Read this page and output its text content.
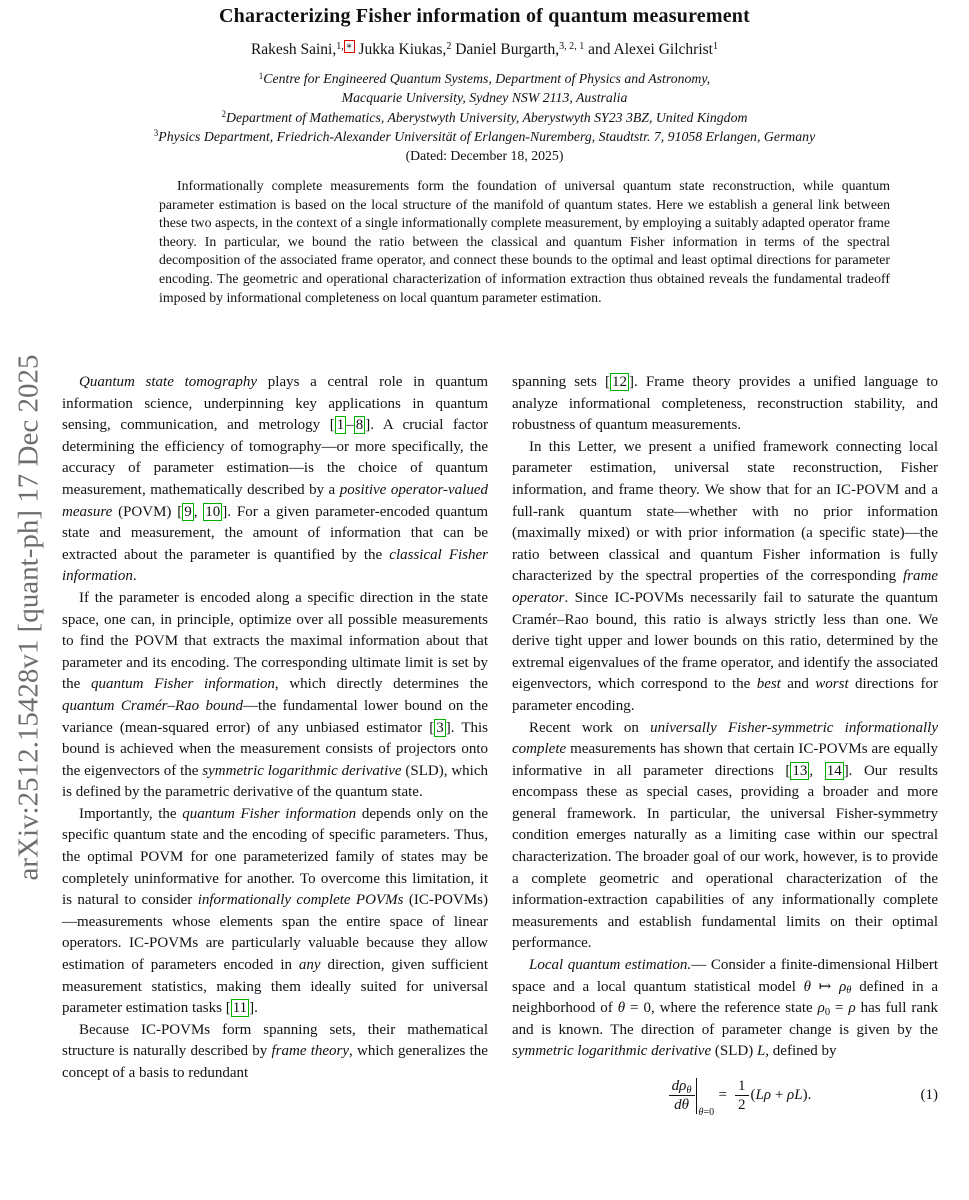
arXiv:2512.15428v1 [quant-ph] 17 Dec 2025
Characterizing Fisher information of quantum measurement
Rakesh Saini,$^{1,}$ ∗ Jukka Kiukas,$^2$ Daniel Burgarth,$^{3, 2, 1}$ and Alexei Gilchrist$^1$

$^1$Centre for Engineered Quantum Systems, Department of Physics and Astronomy,

Macquarie University, Sydney NSW 2113, Australia

$^2$Department of Mathematics, Aberystwyth University, Aberystwyth SY23 3BZ, United Kingdom

$^3$Physics Department, Friedrich-Alexander Universität of Erlangen-Nuremberg, Staudtstr. 7, 91058 Erlangen, Germany

(Dated: December 18, 2025)

Informationally complete measurements form the foundation of universal quantum state reconstruction, while quantum parameter estimation is based on the local structure of the manifold of quantum states. Here we establish a general link between these two aspects, in the context of a single informationally complete measurement, by employing a suitably adapted operator frame theory. In particular, we bound the ratio between the classical and quantum Fisher information in terms of the spectral decomposition of the associated frame operator, and connect these bounds to the optimal and least optimal directions for parameter encoding. The geometric and operational characterization of information extraction thus obtained reveals the fundamental tradeoff imposed by informational completeness on local quantum parameter estimation.

Quantum state tomography plays a central role in quantum information science, underpinning key applications in quantum sensing, communication, and metrology [ 1 – 8 ]. A crucial factor determining the efficiency of tomography—or more specifically, the accuracy of parameter estimation—is the choice of quantum measurement, mathematically described by a positive operator-valued measure (POVM) [ 9 , 10 ]. For a given parameter-encoded quantum state and measurement, the amount of information that can be extracted about the parameter is quantified by the classical Fisher information.

If the parameter is encoded along a specific direction in the state space, one can, in principle, optimize over all possible measurements to find the POVM that extracts the maximal information about that parameter and its encoding. The corresponding ultimate limit is set by the quantum Fisher information, which directly determines the quantum Cramér–Rao bound—the fundamental lower bound on the variance (mean-squared error) of any unbiased estimator [ 3 ]. This bound is achieved when the measurement consists of projectors onto the eigenvectors of the symmetric logarithmic derivative (SLD), which is defined by the parametric derivative of the quantum state.

Importantly, the quantum Fisher information depends only on the specific quantum state and the encoding of specific parameters. Thus, the optimal POVM for one parameterized family of states may be completely uninformative for another. To overcome this limitation, it is natural to consider informationally complete POVMs (IC-POVMs)—measurements whose elements span the entire space of linear operators. IC-POVMs are particularly valuable because they allow estimation of parameters encoded in any direction, given sufficient measurement statistics, making them ideally suited for universal parameter estimation tasks [ 11 ].

Because IC-POVMs form spanning sets, their mathematical structure is naturally described by frame theory, which generalizes the concept of a basis to redundant

spanning sets [ 12 ]. Frame theory provides a unified language to analyze informational completeness, reconstruction stability, and robustness of quantum measurements.

In this Letter, we present a unified framework connecting local parameter estimation, universal state reconstruction, Fisher information, and frame theory. We show that for an IC-POVM and a full-rank quantum state—whether with no prior information (maximally mixed) or with prior information (a specific state)—the ratio between classical and quantum Fisher information is fully characterized by the spectral properties of the corresponding frame operator. Since IC-POVMs necessarily fail to saturate the quantum Cramér–Rao bound, this ratio is always strictly less than one. We derive tight upper and lower bounds on this ratio, determined by the extremal eigenvalues of the frame operator, and identify the associated eigenvectors, which correspond to the best and worst directions for parameter encoding.

Recent work on universally Fisher-symmetric informationally complete measurements has shown that certain IC-POVMs are equally informative in all parameter directions [ 13 , 14 ]. Our results encompass these as special cases, providing a broader and more general framework. In particular, the universal Fisher-symmetry condition emerges naturally as a limiting case within our spectral characterization. The broader goal of our work, however, is to provide a complete geometric and operational characterization of the information-extraction capabilities of any informationally complete measurements and establish fundamental limits on their optimal performance.

Local quantum estimation.— Consider a finite-dimensional Hilbert space and a local quantum statistical model θ ↦ ρθ defined in a neighborhood of θ = 0, where the reference state ρ0 = ρ has full rank and is known. The direction of parameter change is given by the symmetric logarithmic derivative (SLD) L, defined by

$\frac{\text{dρθ}}{d\theta} \theta=0$
= $\frac{1}{2} (L\rho + \rho L)$.	(1)
